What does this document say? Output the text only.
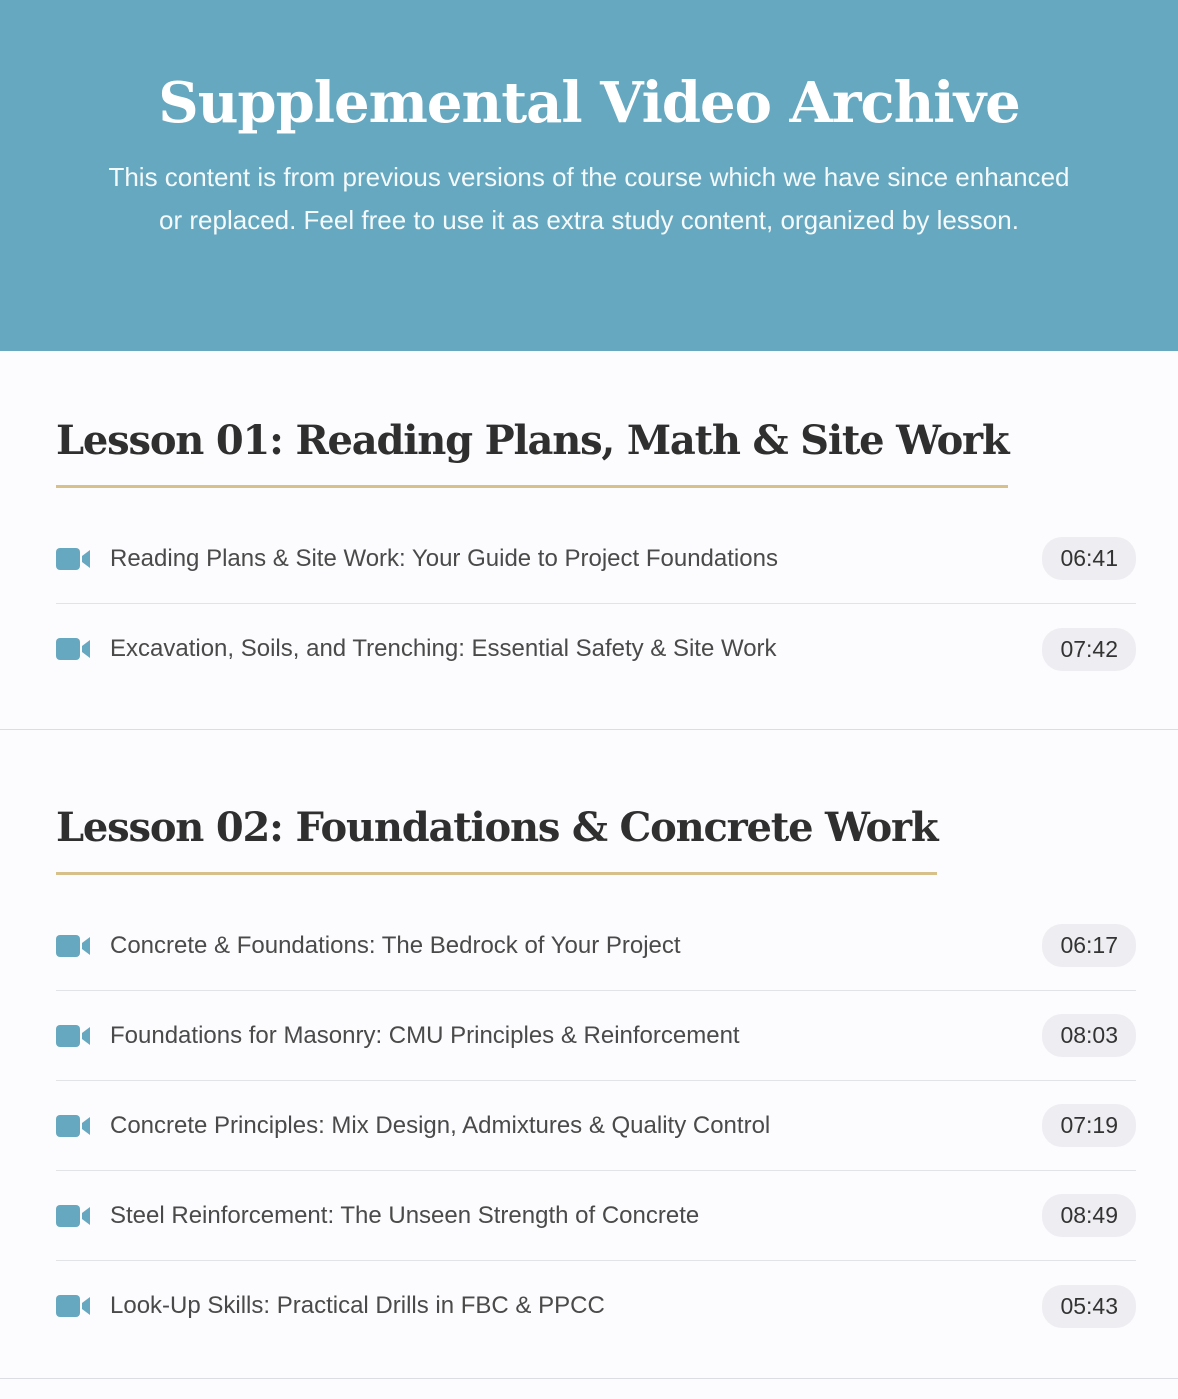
Supplemental Video Archive

This content is from previous versions of the course which we have since enhanced or replaced. Feel free to use it as extra study content, organized by lesson.

Lesson 01: Reading Plans, Math & Site Work
Reading Plans & Site Work: Your Guide to Project Foundations	06:41
Excavation, Soils, and Trenching: Essential Safety & Site Work	07:42
Lesson 02: Foundations & Concrete Work
Concrete & Foundations: The Bedrock of Your Project	06:17
Foundations for Masonry: CMU Principles & Reinforcement	08:03
Concrete Principles: Mix Design, Admixtures & Quality Control	07:19
Steel Reinforcement: The Unseen Strength of Concrete	08:49
Look-Up Skills: Practical Drills in FBC & PPCC	05:43
